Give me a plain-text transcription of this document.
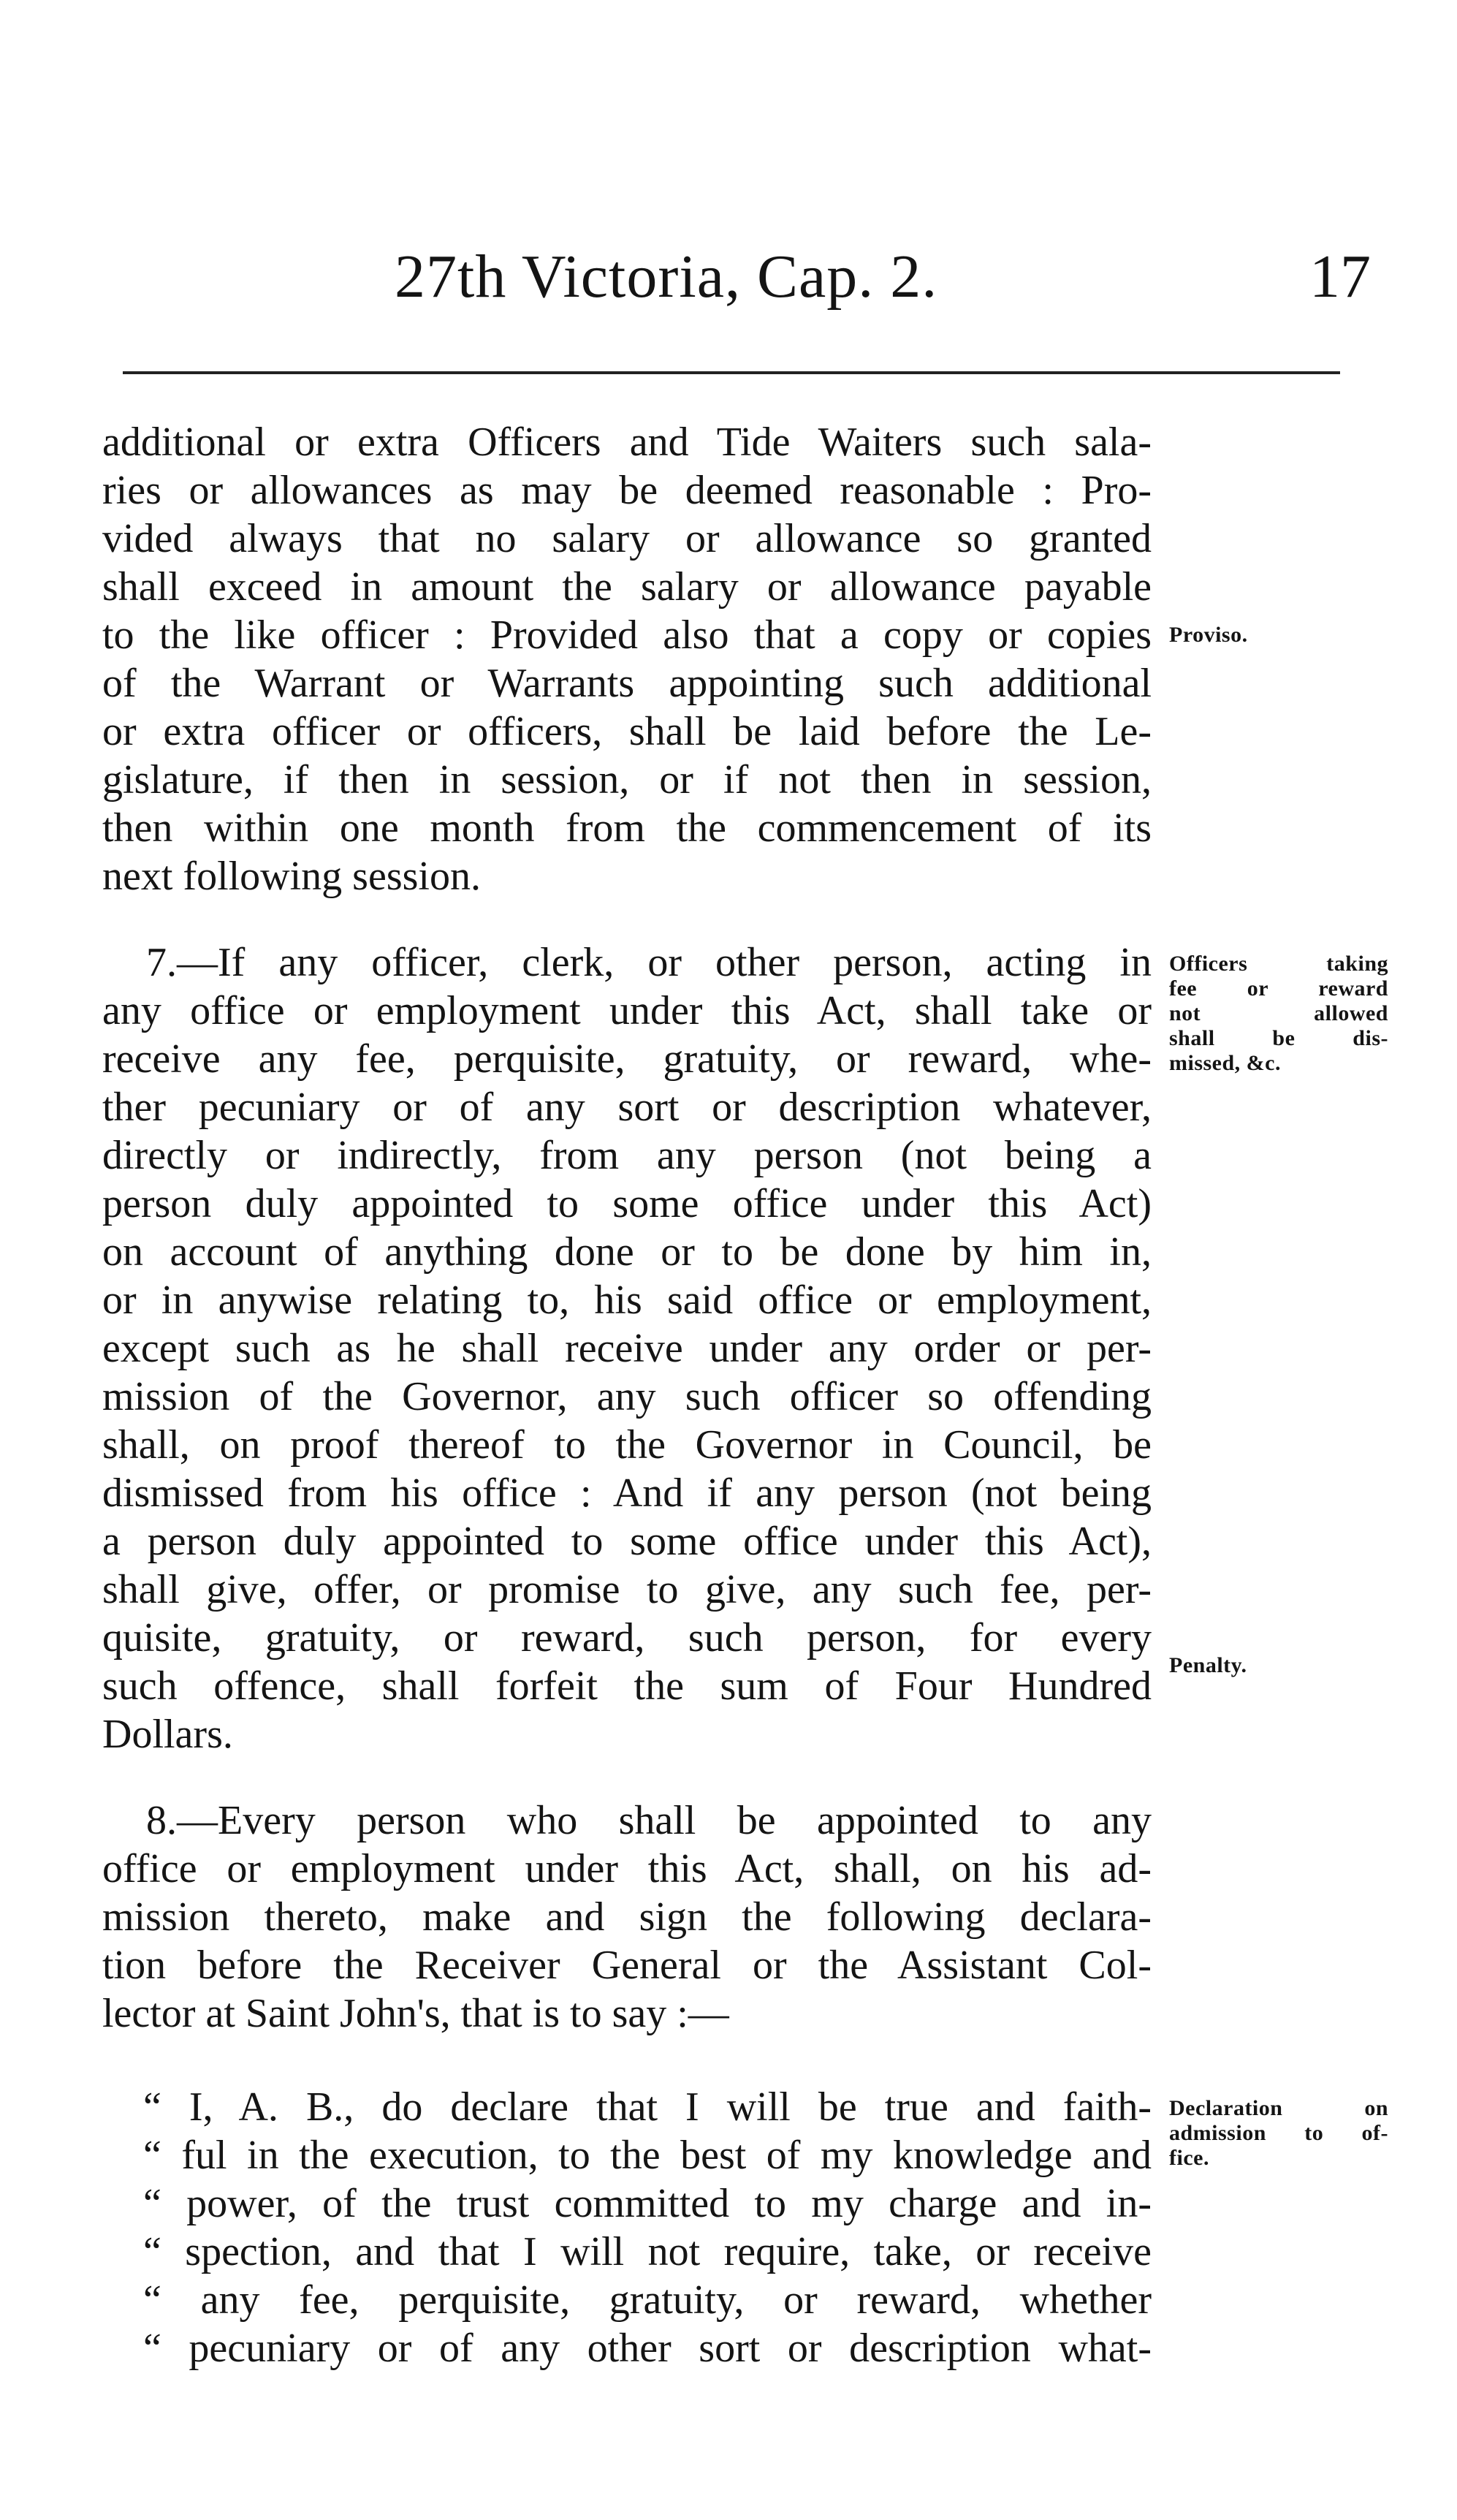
27th Victoria, Cap. 2.	17
additional or extra Officers and Tide Waiters such sala-
ries or allowances as may be deemed reasonable : Pro-
vided always that no salary or allowance so granted
shall exceed in amount the salary or allowance payable
to the like officer : Provided also that a copy or copies
of the Warrant or Warrants appointing such additional
or extra officer or officers, shall be laid before the Le-
gislature, if then in session, or if not then in session,
then within one month from the commencement of its
next following session.
7.—If any officer, clerk, or other person, acting in
any office or employment under this Act, shall take or
receive any fee, perquisite, gratuity, or reward, whe-
ther pecuniary or of any sort or description whatever,
directly or indirectly, from any person (not being a
person duly appointed to some office under this Act)
on account of anything done or to be done by him in,
or in anywise relating to, his said office or employment,
except such as he shall receive under any order or per-
mission of the Governor, any such officer so offending
shall, on proof thereof to the Governor in Council, be
dismissed from his office : And if any person (not being
a person duly appointed to some office under this Act),
shall give, offer, or promise to give, any such fee, per-
quisite, gratuity, or reward, such person, for every
such offence, shall forfeit the sum of Four Hundred
Dollars.
8.—Every person who shall be appointed to any
office or employment under this Act, shall, on his ad-
mission thereto, make and sign the following declara-
tion before the Receiver General or the Assistant Col-
lector at Saint John's, that is to say :—
“ I, A. B., do declare that I will be true and faith-
“ ful in the execution, to the best of my knowledge and
“ power, of the trust committed to my charge and in-
“ spection, and that I will not require, take, or receive
“ any fee, perquisite, gratuity, or reward, whether
“ pecuniary or of any other sort or description what-
Proviso.
Officers taking
fee or reward
not allowed
shall be dis-
missed, &c.
Penalty.
Declaration on
admission to of-
fice.
